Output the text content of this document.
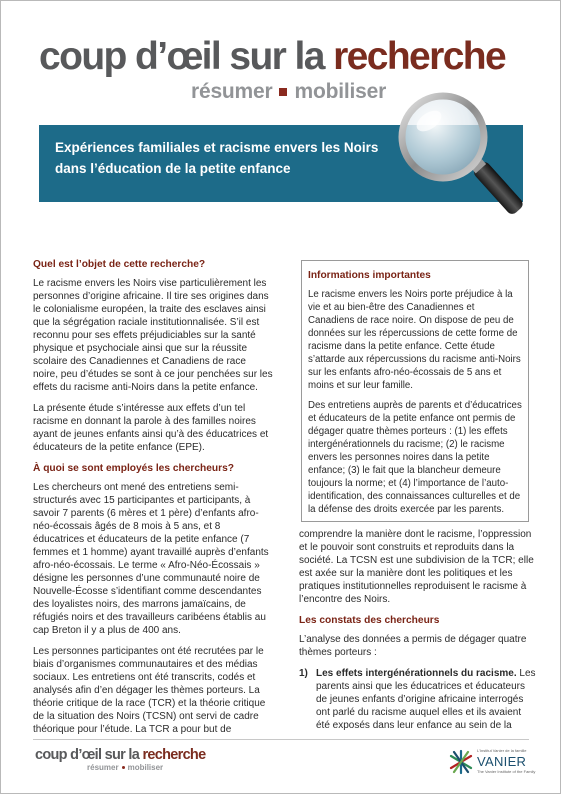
coup d’œil sur la recherche
résumer mobiliser
Expériences familiales et racisme envers les Noirs dans l’éducation de la petite enfance
Quel est l’objet de cette recherche?
Le racisme envers les Noirs vise particulièrement les personnes d’origine africaine. Il tire ses origines dans le colonialisme européen, la traite des esclaves ainsi que la ségrégation raciale institutionnalisée. S’il est reconnu pour ses effets préjudiciables sur la santé physique et psychociale ainsi que sur la réussite scolaire des Canadiennes et Canadiens de race noire, peu d’études se sont à ce jour penchées sur les effets du racisme anti-Noirs dans la petite enfance.
La présente étude s’intéresse aux effets d’un tel racisme en donnant la parole à des familles noires ayant de jeunes enfants ainsi qu’à des éducatrices et éducateurs de la petite enfance (EPE).
À quoi se sont employés les chercheurs?
Les chercheurs ont mené des entretiens semi-structurés avec 15 participantes et participants, à savoir 7 parents (6 mères et 1 père) d’enfants afro-néo-écossais âgés de 8 mois à 5 ans, et 8 éducatrices et éducateurs de la petite enfance (7 femmes et 1 homme) ayant travaillé auprès d’enfants afro-néo-écossais. Le terme « Afro-Néo-Écossais » désigne les personnes d’une communauté noire de Nouvelle-Écosse s’identifiant comme descendantes des loyalistes noirs, des marrons jamaïcains, de réfugiés noirs et des travailleurs caribéens établis au cap Breton il y a plus de 400 ans.
Les personnes participantes ont été recrutées par le biais d’organismes communautaires et des médias sociaux. Les entretiens ont été transcrits, codés et analysés afin d’en dégager les thèmes porteurs. La théorie critique de la race (TCR) et la théorie critique de la situation des Noirs (TCSN) ont servi de cadre théorique pour l’étude. La TCR a pour but de
Informations importantes
Le racisme envers les Noirs porte préjudice à la vie et au bien-être des Canadiennes et Canadiens de race noire. On dispose de peu de données sur les répercussions de cette forme de racisme dans la petite enfance. Cette étude s’attarde aux répercussions du racisme anti-Noirs sur les enfants afro-néo-écossais de 5 ans et moins et sur leur famille.
Des entretiens auprès de parents et d’éducatrices et éducateurs de la petite enfance ont permis de dégager quatre thèmes porteurs : (1) les effets intergénérationnels du racisme; (2) le racisme envers les personnes noires dans la petite enfance; (3) le fait que la blancheur demeure toujours la norme; et (4) l’importance de l’auto-identification, des connaissances culturelles et de la défense des droits exercée par les parents.
comprendre la manière dont le racisme, l’oppression et le pouvoir sont construits et reproduits dans la société. La TCSN est une subdivision de la TCR; elle est axée sur la manière dont les politiques et les pratiques institutionnelles reproduisent le racisme à l’encontre des Noirs.
Les constats des chercheurs
L’analyse des données a permis de dégager quatre thèmes porteurs :
1) Les effets intergénérationnels du racisme. Les parents ainsi que les éducatrices et éducateurs de jeunes enfants d’origine africaine interrogés ont parlé du racisme auquel elles et ils avaient été exposés dans leur enfance au sein de la
coup d’œil sur la recherche
résumer mobiliser
L’Institut Vanier de la famille
VANIER
The Vanier Institute of the Family
